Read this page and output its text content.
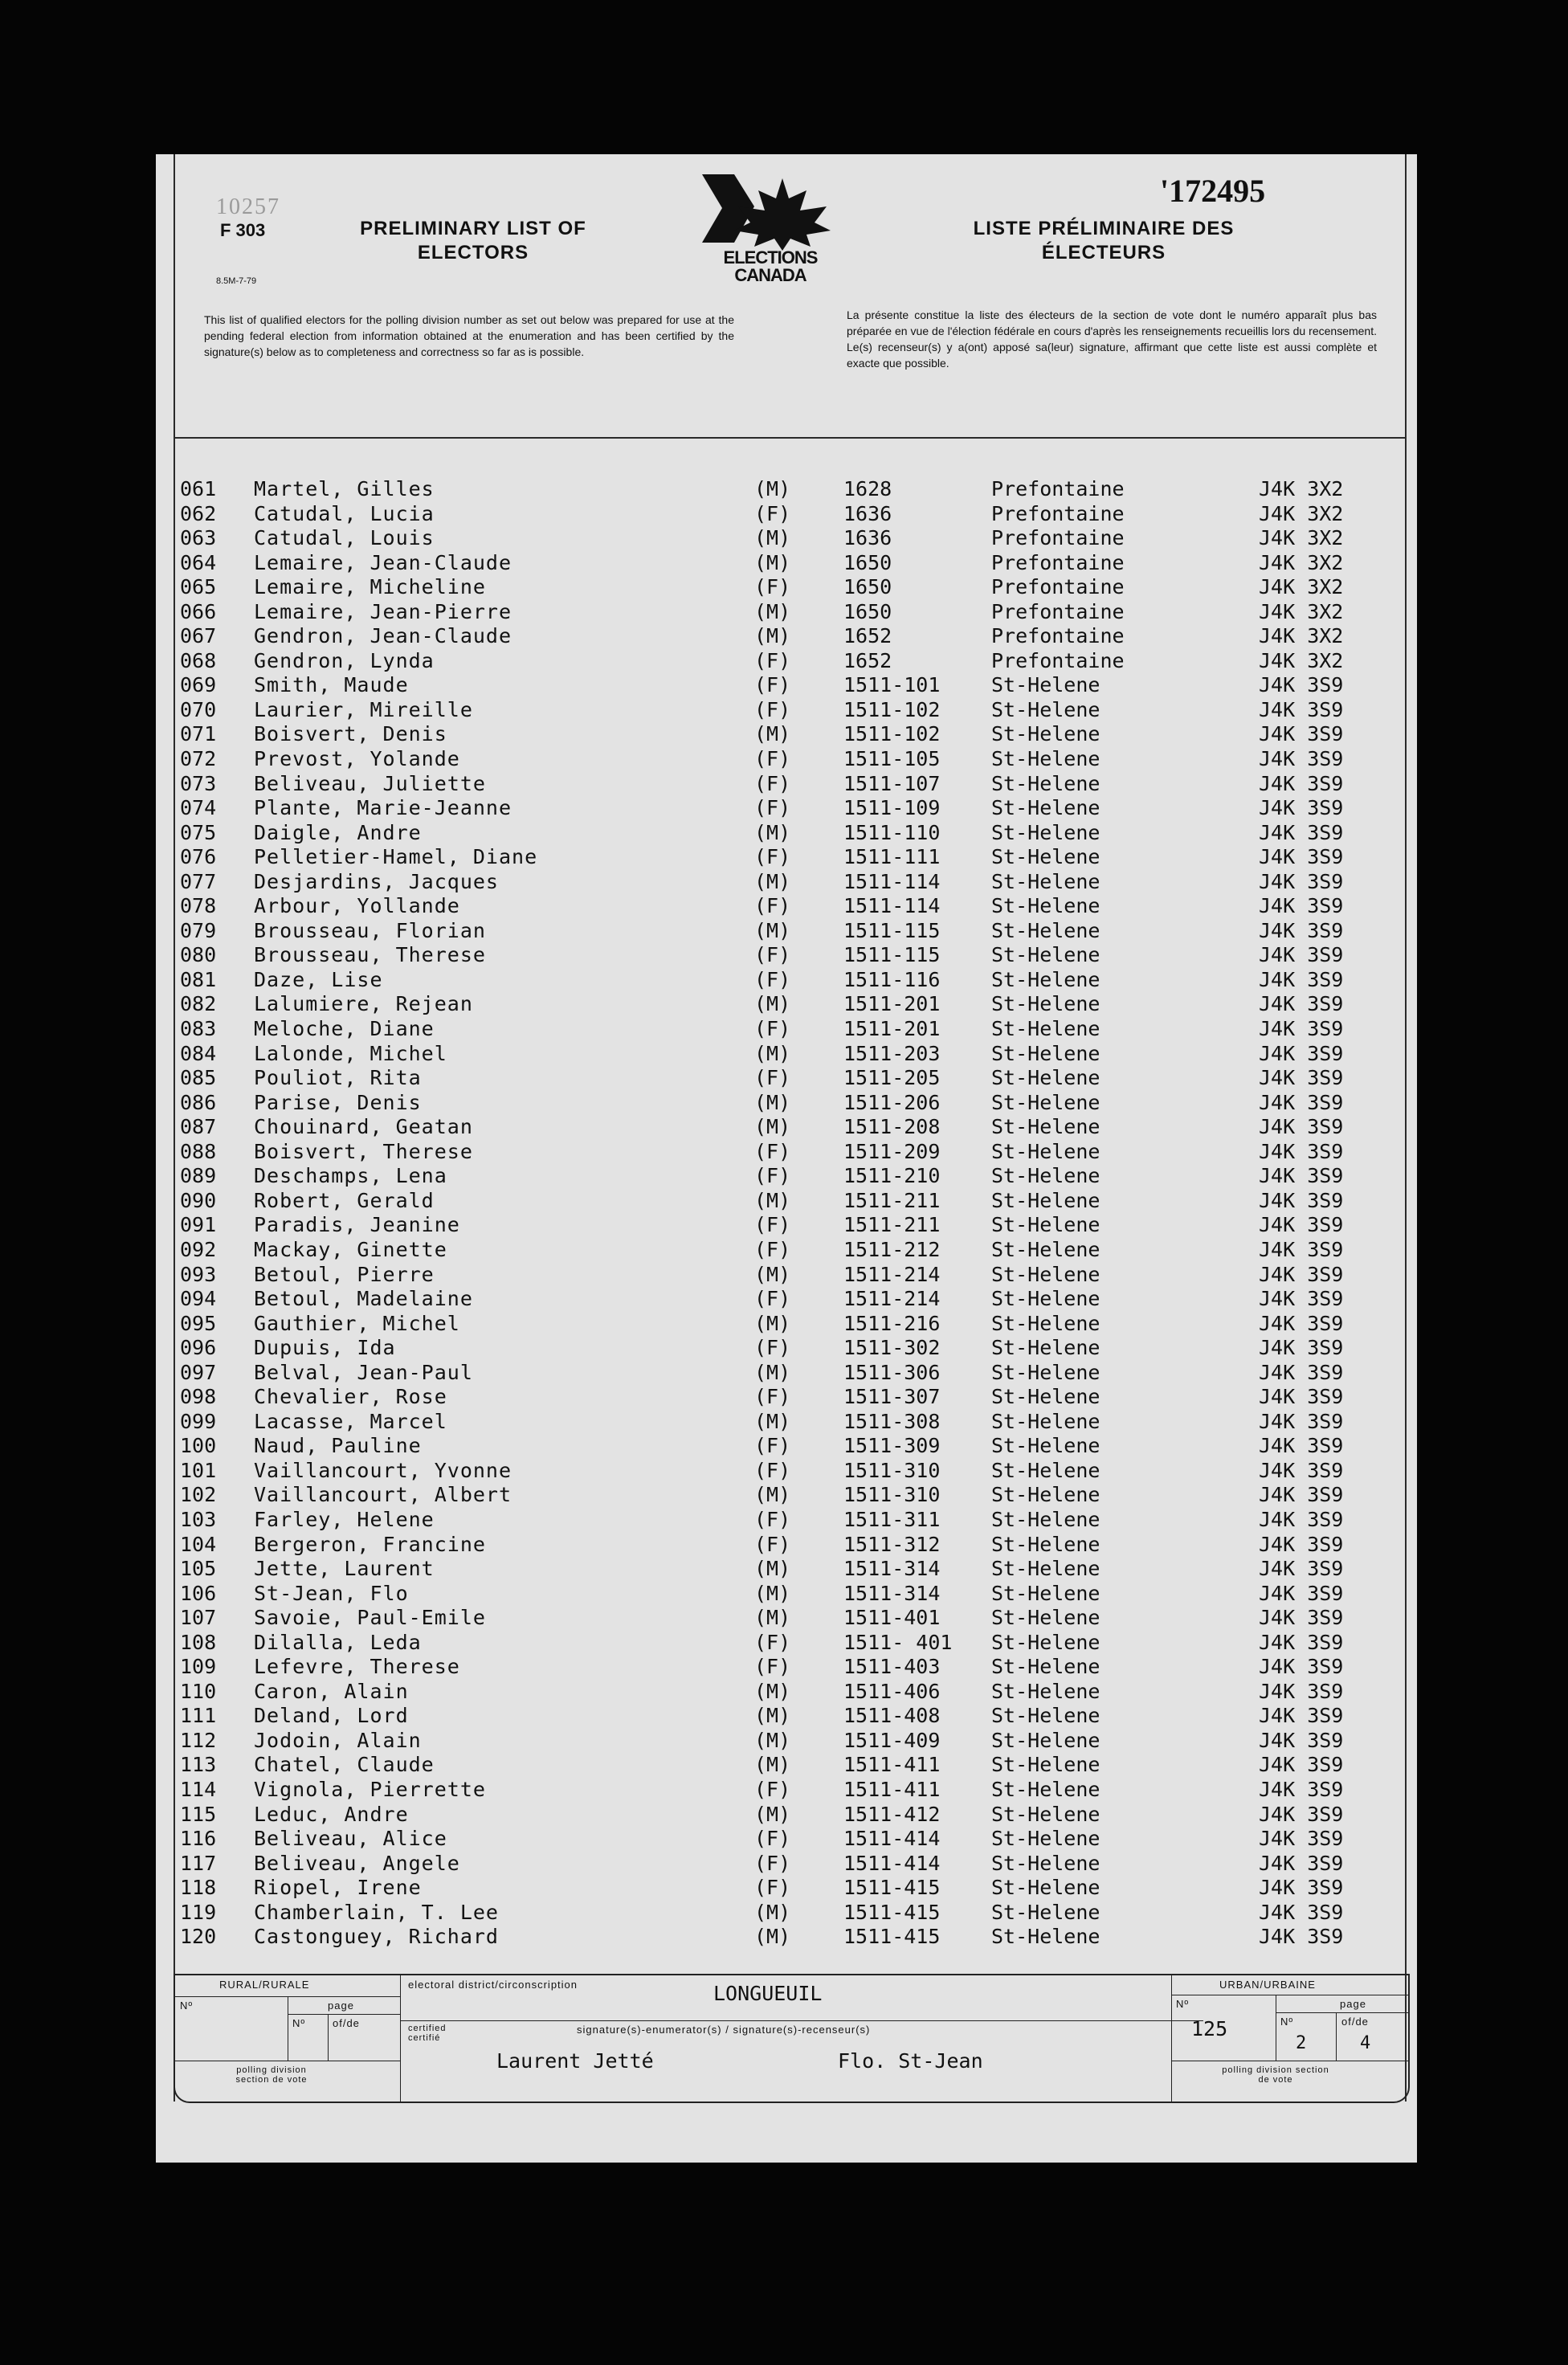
10257
F 303	PRELIMINARY LIST OF ELECTORS
8.5M-7-79
ELECTIONS CANADA
'172495
LISTE PRÉLIMINAIRE DES ÉLECTEURS
This list of qualified electors for the polling division number as set out below was prepared for use at the pending federal election from information obtained at the enumeration and has been certified by the signature(s) below as to completeness and correctness so far as is possible.
La présente constitue la liste des électeurs de la section de vote dont le numéro apparaît plus bas préparée en vue de l'élection fédérale en cours d'après les renseignements recueillis lors du recensement. Le(s) recenseur(s) y a(ont) apposé sa(leur) signature, affirmant que cette liste est aussi complète et exacte que possible.
061 Martel, Gilles	(M)	1628	Prefontaine	J4K 3X2
062 Catudal, Lucia	(F)	1636	Prefontaine	J4K 3X2
063 Catudal, Louis	(M)	1636	Prefontaine	J4K 3X2
064 Lemaire, Jean-Claude	(M)	1650	Prefontaine	J4K 3X2
065 Lemaire, Micheline	(F)	1650	Prefontaine	J4K 3X2
066 Lemaire, Jean-Pierre	(M)	1650	Prefontaine	J4K 3X2
067 Gendron, Jean-Claude	(M)	1652	Prefontaine	J4K 3X2
068 Gendron, Lynda	(F)	1652	Prefontaine	J4K 3X2
069 Smith, Maude	(F)	1511-101	St-Helene	J4K 3S9
070 Laurier, Mireille	(F)	1511-102	St-Helene	J4K 3S9
071 Boisvert, Denis	(M)	1511-102	St-Helene	J4K 3S9
072 Prevost, Yolande	(F)	1511-105	St-Helene	J4K 3S9
073 Beliveau, Juliette	(F)	1511-107	St-Helene	J4K 3S9
074 Plante, Marie-Jeanne	(F)	1511-109	St-Helene	J4K 3S9
075 Daigle, Andre	(M)	1511-110	St-Helene	J4K 3S9
076 Pelletier-Hamel, Diane	(F)	1511-111	St-Helene	J4K 3S9
077 Desjardins, Jacques	(M)	1511-114	St-Helene	J4K 3S9
078 Arbour, Yollande	(F)	1511-114	St-Helene	J4K 3S9
079 Brousseau, Florian	(M)	1511-115	St-Helene	J4K 3S9
080 Brousseau, Therese	(F)	1511-115	St-Helene	J4K 3S9
081 Daze, Lise	(F)	1511-116	St-Helene	J4K 3S9
082 Lalumiere, Rejean	(M)	1511-201	St-Helene	J4K 3S9
083 Meloche, Diane	(F)	1511-201	St-Helene	J4K 3S9
084 Lalonde, Michel	(M)	1511-203	St-Helene	J4K 3S9
085 Pouliot, Rita	(F)	1511-205	St-Helene	J4K 3S9
086 Parise, Denis	(M)	1511-206	St-Helene	J4K 3S9
087 Chouinard, Geatan	(M)	1511-208	St-Helene	J4K 3S9
088 Boisvert, Therese	(F)	1511-209	St-Helene	J4K 3S9
089 Deschamps, Lena	(F)	1511-210	St-Helene	J4K 3S9
090 Robert, Gerald	(M)	1511-211	St-Helene	J4K 3S9
091 Paradis, Jeanine	(F)	1511-211	St-Helene	J4K 3S9
092 Mackay, Ginette	(F)	1511-212	St-Helene	J4K 3S9
093 Betoul, Pierre	(M)	1511-214	St-Helene	J4K 3S9
094 Betoul, Madelaine	(F)	1511-214	St-Helene	J4K 3S9
095 Gauthier, Michel	(M)	1511-216	St-Helene	J4K 3S9
096 Dupuis, Ida	(F)	1511-302	St-Helene	J4K 3S9
097 Belval, Jean-Paul	(M)	1511-306	St-Helene	J4K 3S9
098 Chevalier, Rose	(F)	1511-307	St-Helene	J4K 3S9
099 Lacasse, Marcel	(M)	1511-308	St-Helene	J4K 3S9
100 Naud, Pauline	(F)	1511-309	St-Helene	J4K 3S9
101 Vaillancourt, Yvonne	(F)	1511-310	St-Helene	J4K 3S9
102 Vaillancourt, Albert	(M)	1511-310	St-Helene	J4K 3S9
103 Farley, Helene	(F)	1511-311	St-Helene	J4K 3S9
104 Bergeron, Francine	(F)	1511-312	St-Helene	J4K 3S9
105 Jette, Laurent	(M)	1511-314	St-Helene	J4K 3S9
106 St-Jean, Flo	(M)	1511-314	St-Helene	J4K 3S9
107 Savoie, Paul-Emile	(M)	1511-401	St-Helene	J4K 3S9
108 Dilalla, Leda	(F)	1511- 401 St-Helene	J4K 3S9
109 Lefevre, Therese	(F)	1511-403	St-Helene	J4K 3S9
110 Caron, Alain	(M)	1511-406	St-Helene	J4K 3S9
111 Deland, Lord	(M)	1511-408	St-Helene	J4K 3S9
112 Jodoin, Alain	(M)	1511-409	St-Helene	J4K 3S9
113 Chatel, Claude	(M)	1511-411	St-Helene	J4K 3S9
114 Vignola, Pierrette	(F)	1511-411	St-Helene	J4K 3S9
115 Leduc, Andre	(M)	1511-412	St-Helene	J4K 3S9
116 Beliveau, Alice	(F)	1511-414	St-Helene	J4K 3S9
117 Beliveau, Angele	(F)	1511-414	St-Helene	J4K 3S9
118 Riopel, Irene	(F)	1511-415	St-Helene	J4K 3S9
119 Chamberlain, T. Lee	(M)	1511-415	St-Helene	J4K 3S9
120 Castonguey, Richard	(M)	1511-415	St-Helene	J4K 3S9
RURAL/RURALE
Nº	page
Nº	of/de
polling division section de vote
electoral district/circonscription	LONGUEUIL
certified certifié
signature(s)-enumerator(s) / signature(s)-recenseur(s)
Laurent Jetté	Flo. St-Jean
URBAN/URBAINE
Nº	page
125	Nº	of/de
2	4
polling division section de vote
